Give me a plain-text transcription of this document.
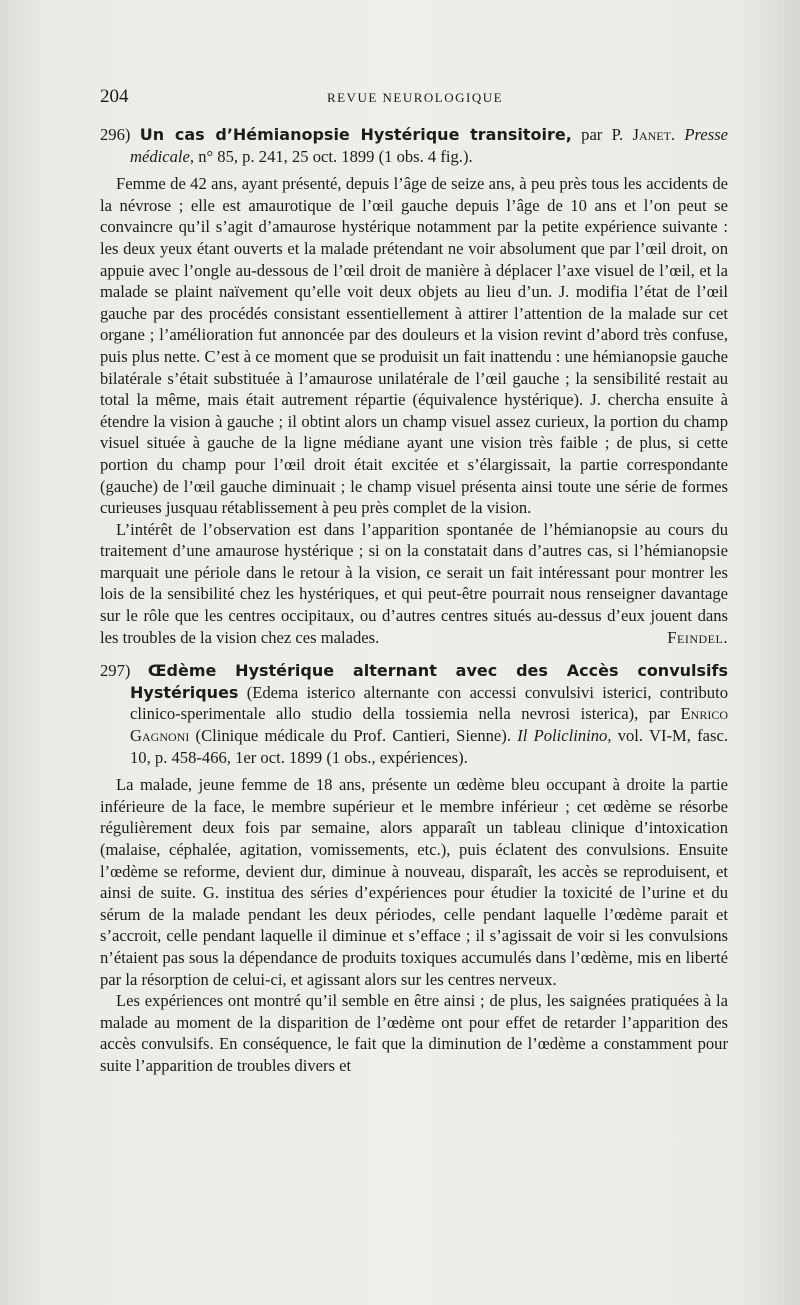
204	REVUE NEUROLOGIQUE

296) Un cas d’Hémianopsie Hystérique transitoire, par P. Janet. Presse médicale, n° 85, p. 241, 25 oct. 1899 (1 obs. 4 fig.).

Femme de 42 ans, ayant présenté, depuis l’âge de seize ans, à peu près tous les accidents de la névrose ; elle est amaurotique de l’œil gauche depuis l’âge de 10 ans et l’on peut se convaincre qu’il s’agit d’amaurose hystérique notamment par la petite expérience suivante : les deux yeux étant ouverts et la malade prétendant ne voir absolument que par l’œil droit, on appuie avec l’ongle au-dessous de l’œil droit de manière à déplacer l’axe visuel de l’œil, et la malade se plaint naïvement qu’elle voit deux objets au lieu d’un. J. modifia l’état de l’œil gauche par des procédés consistant essentiellement à attirer l’attention de la malade sur cet organe ; l’amélioration fut annoncée par des douleurs et la vision revint d’abord très confuse, puis plus nette. C’est à ce moment que se produisit un fait inattendu : une hémianopsie gauche bilatérale s’était substituée à l’amaurose unilatérale de l’œil gauche ; la sensibilité restait au total la même, mais était autrement répartie (équivalence hystérique). J. chercha ensuite à étendre la vision à gauche ; il obtint alors un champ visuel assez curieux, la portion du champ visuel située à gauche de la ligne médiane ayant une vision très faible ; de plus, si cette portion du champ pour l’œil droit était excitée et s’élargissait, la partie correspondante (gauche) de l’œil gauche diminuait ; le champ visuel présenta ainsi toute une série de formes curieuses jusquau rétablissement à peu près complet de la vision.

L’intérêt de l’observation est dans l’apparition spontanée de l’hémianopsie au cours du traitement d’une amaurose hystérique ; si on la constatait dans d’autres cas, si l’hémianopsie marquait une périole dans le retour à la vision, ce serait un fait intéressant pour montrer les lois de la sensibilité chez les hystériques, et qui peut-être pourrait nous renseigner davantage sur le rôle que les centres occipitaux, ou d’autres centres situés au-dessus d’eux jouent dans les troubles de la vision chez ces malades.	Feindel.

297) Œdème Hystérique alternant avec des Accès convulsifs Hystériques (Edema isterico alternante con accessi convulsivi isterici, contributo clinico-sperimentale allo studio della tossiemia nella nevrosi isterica), par Enrico Gagnoni (Clinique médicale du Prof. Cantieri, Sienne). Il Policlinino, vol. VI-M, fasc. 10, p. 458-466, 1er oct. 1899 (1 obs., expériences).

La malade, jeune femme de 18 ans, présente un œdème bleu occupant à droite la partie inférieure de la face, le membre supérieur et le membre inférieur ; cet œdème se résorbe régulièrement deux fois par semaine, alors apparaît un tableau clinique d’intoxication (malaise, céphalée, agitation, vomissements, etc.), puis éclatent des convulsions. Ensuite l’œdème se reforme, devient dur, diminue à nouveau, disparaît, les accès se reproduisent, et ainsi de suite. G. institua des séries d’expériences pour étudier la toxicité de l’urine et du sérum de la malade pendant les deux périodes, celle pendant laquelle l’œdème parait et s’accroit, celle pendant laquelle il diminue et s’efface ; il s’agissait de voir si les convulsions n’étaient pas sous la dépendance de produits toxiques accumulés dans l’œdème, mis en liberté par la résorption de celui-ci, et agissant alors sur les centres nerveux.

Les expériences ont montré qu’il semble en être ainsi ; de plus, les saignées pratiquées à la malade au moment de la disparition de l’œdème ont pour effet de retarder l’apparition des accès convulsifs. En conséquence, le fait que la diminution de l’œdème a constamment pour suite l’apparition de troubles divers et
